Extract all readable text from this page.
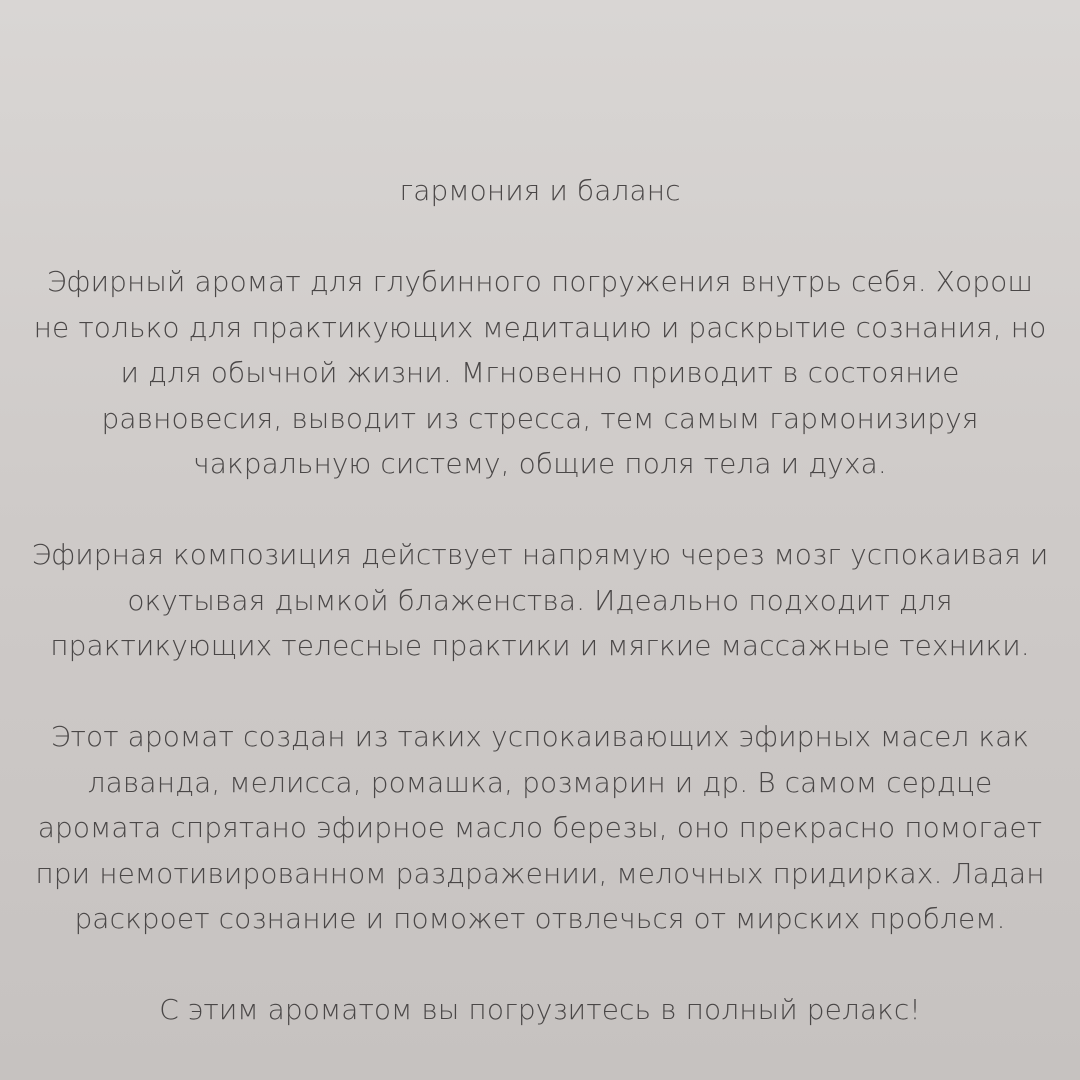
гармония и баланс

Эфирный аромат для глубинного погружения внутрь себя. Хорош
не только для практикующих медитацию и раскрытие сознания, но
и для обычной жизни. Мгновенно приводит в состояние
равновесия, выводит из стресса, тем самым гармонизируя
чакральную систему, общие поля тела и духа.

Эфирная композиция действует напрямую через мозг успокаивая и
окутывая дымкой блаженства. Идеально подходит для
практикующих телесные практики и мягкие массажные техники.

Этот аромат создан из таких успокаивающих эфирных масел как
лаванда, мелисса, ромашка, розмарин и др. В самом сердце
аромата спрятано эфирное масло березы, оно прекрасно помогает
при немотивированном раздражении, мелочных придирках. Ладан
раскроет сознание и поможет отвлечься от мирских проблем.

С этим ароматом вы погрузитесь в полный релакс!
